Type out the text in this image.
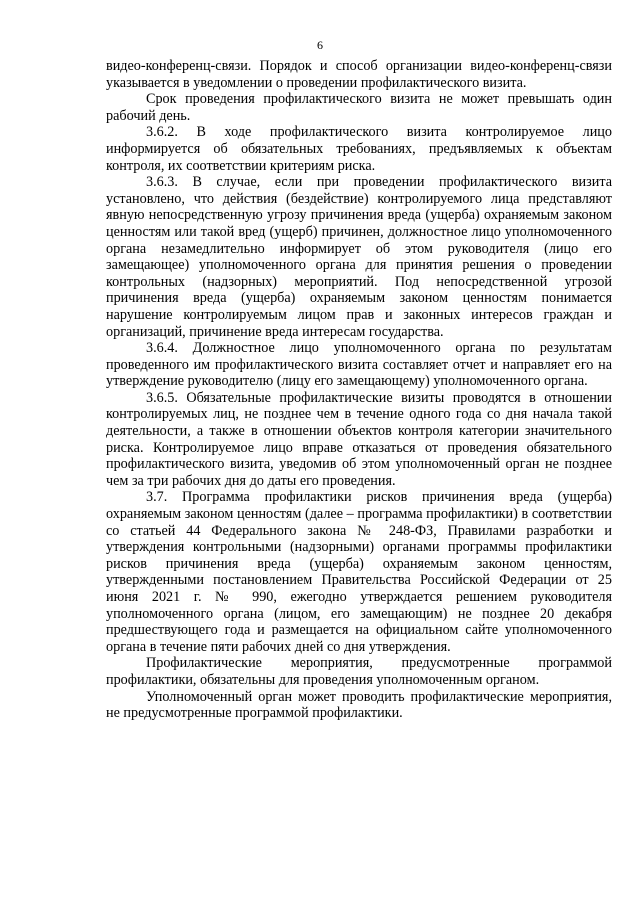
6

видео-конференц-связи. Порядок и способ организации видео-конференц-связи указывается в уведомлении о проведении профилактического визита.

Срок проведения профилактического визита не может превышать один рабочий день.

3.6.2. В ходе профилактического визита контролируемое лицо информируется об обязательных требованиях, предъявляемых к объектам контроля, их соответствии критериям риска.

3.6.3. В случае, если при проведении профилактического визита установлено, что действия (бездействие) контролируемого лица представляют явную непосредственную угрозу причинения вреда (ущерба) охраняемым законом ценностям или такой вред (ущерб) причинен, должностное лицо уполномоченного органа незамедлительно информирует об этом руководителя (лицо его замещающее) уполномоченного органа для принятия решения о проведении контрольных (надзорных) мероприятий. Под непосредственной угрозой причинения вреда (ущерба) охраняемым законом ценностям понимается нарушение контролируемым лицом прав и законных интересов граждан и организаций, причинение вреда интересам государства.

3.6.4. Должностное лицо уполномоченного органа по результатам проведенного им профилактического визита составляет отчет и направляет его на утверждение руководителю (лицу его замещающему) уполномоченного органа.

3.6.5. Обязательные профилактические визиты проводятся в отношении контролируемых лиц, не позднее чем в течение одного года со дня начала такой деятельности, а также в отношении объектов контроля категории значительного риска. Контролируемое лицо вправе отказаться от проведения обязательного профилактического визита, уведомив об этом уполномоченный орган не позднее чем за три рабочих дня до даты его проведения.

3.7. Программа профилактики рисков причинения вреда (ущерба) охраняемым законом ценностям (далее – программа профилактики) в соответствии со статьей 44 Федерального закона № 248-ФЗ, Правилами разработки и утверждения контрольными (надзорными) органами программы профилактики рисков причинения вреда (ущерба) охраняемым законом ценностям, утвержденными постановлением Правительства Российской Федерации от 25 июня 2021 г. № 990, ежегодно утверждается решением руководителя уполномоченного органа (лицом, его замещающим) не позднее 20 декабря предшествующего года и размещается на официальном сайте уполномоченного органа в течение пяти рабочих дней со дня утверждения.

Профилактические мероприятия, предусмотренные программой профилактики, обязательны для проведения уполномоченным органом.

Уполномоченный орган может проводить профилактические мероприятия, не предусмотренные программой профилактики.
